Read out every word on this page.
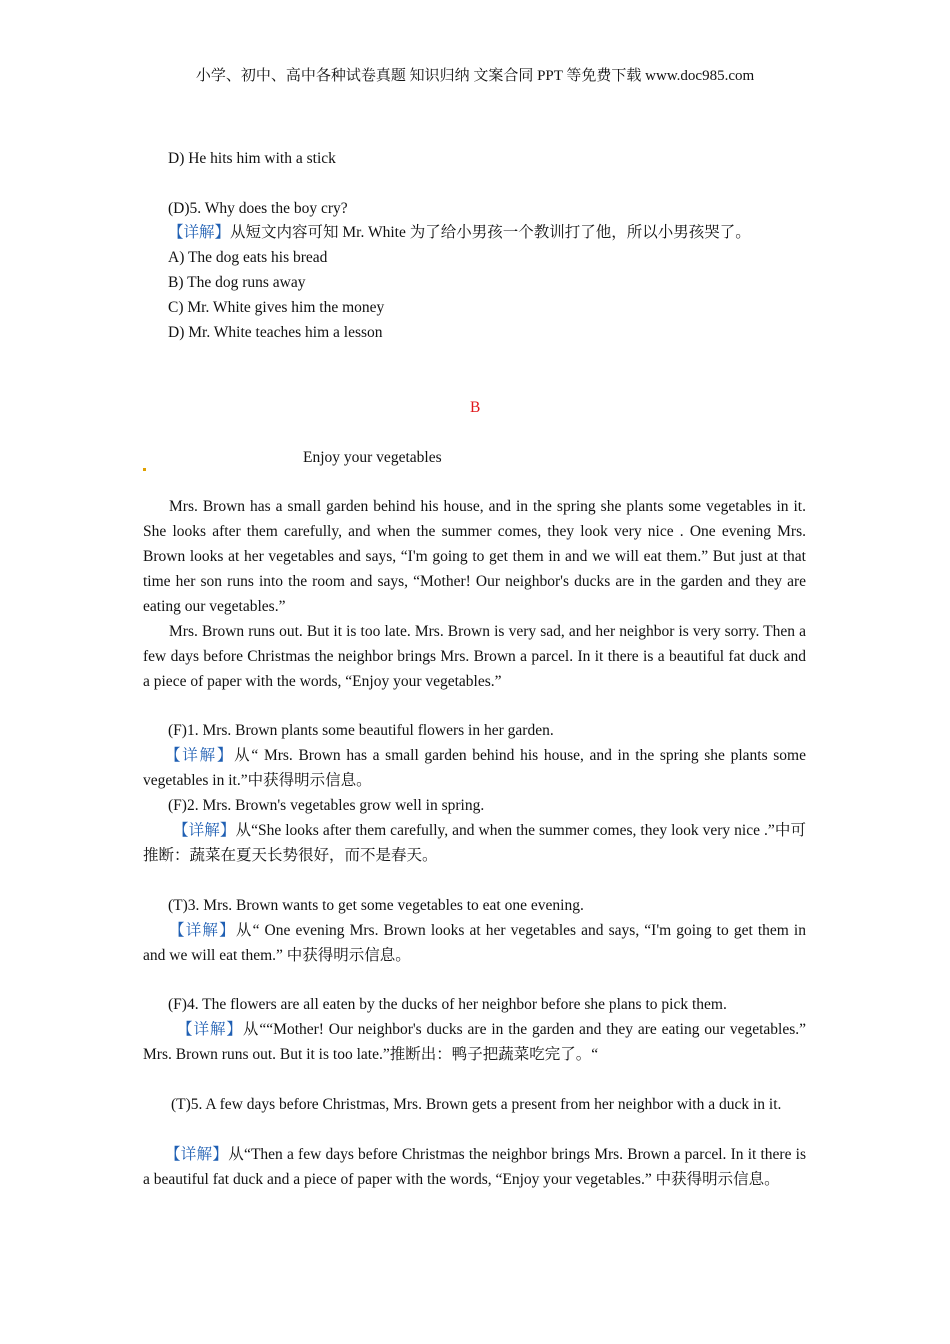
小学、初中、高中各种试卷真题 知识归纳 文案合同 PPT 等免费下载 www.doc985.com
D) He hits him with a stick
(D)5. Why does the boy cry?
【详解】从短文内容可知 Mr. White 为了给小男孩一个教训打了他，所以小男孩哭了。
A) The dog eats his bread
B) The dog runs away
C) Mr. White gives him the money
D) Mr. White teaches him a lesson
B
Enjoy your vegetables
Mrs. Brown has a small garden behind his house, and in the spring she plants some vegetables in it. She looks after them carefully, and when the summer comes, they look very nice . One evening Mrs. Brown looks at her vegetables and says, “I'm going to get them in and we will eat them.” But just at that time her son runs into the room and says, “Mother! Our neighbor's ducks are in the garden and they are eating our vegetables.”
Mrs. Brown runs out. But it is too late. Mrs. Brown is very sad, and her neighbor is very sorry. Then a few days before Christmas the neighbor brings Mrs. Brown a parcel. In it there is a beautiful fat duck and a piece of paper with the words, “Enjoy your vegetables.”
(F)1. Mrs. Brown plants some beautiful flowers in her garden.
【详解】从“ Mrs. Brown has a small garden behind his house, and in the spring she plants some vegetables in it.”中获得明示信息。
(F)2. Mrs. Brown's vegetables grow well in spring.
【详解】从“She looks after them carefully, and when the summer comes, they look very nice .”中可推断：蔬菜在夏天长势很好，而不是春天。
(T)3. Mrs. Brown wants to get some vegetables to eat one evening.
【详解】从“ One evening Mrs. Brown looks at her vegetables and says, “I'm going to get them in and we will eat them.” 中获得明示信息。
(F)4. The flowers are all eaten by the ducks of her neighbor before she plans to pick them.
【详解】从““Mother! Our neighbor's ducks are in the garden and they are eating our vegetables.” Mrs. Brown runs out. But it is too late.”推断出：鸭子把蔬菜吃完了。“
(T)5. A few days before Christmas, Mrs. Brown gets a present from her neighbor with a duck in it.
【详解】从“Then a few days before Christmas the neighbor brings Mrs. Brown a parcel. In it there is a beautiful fat duck and a piece of paper with the words, “Enjoy your vegetables.” 中获得明示信息。
